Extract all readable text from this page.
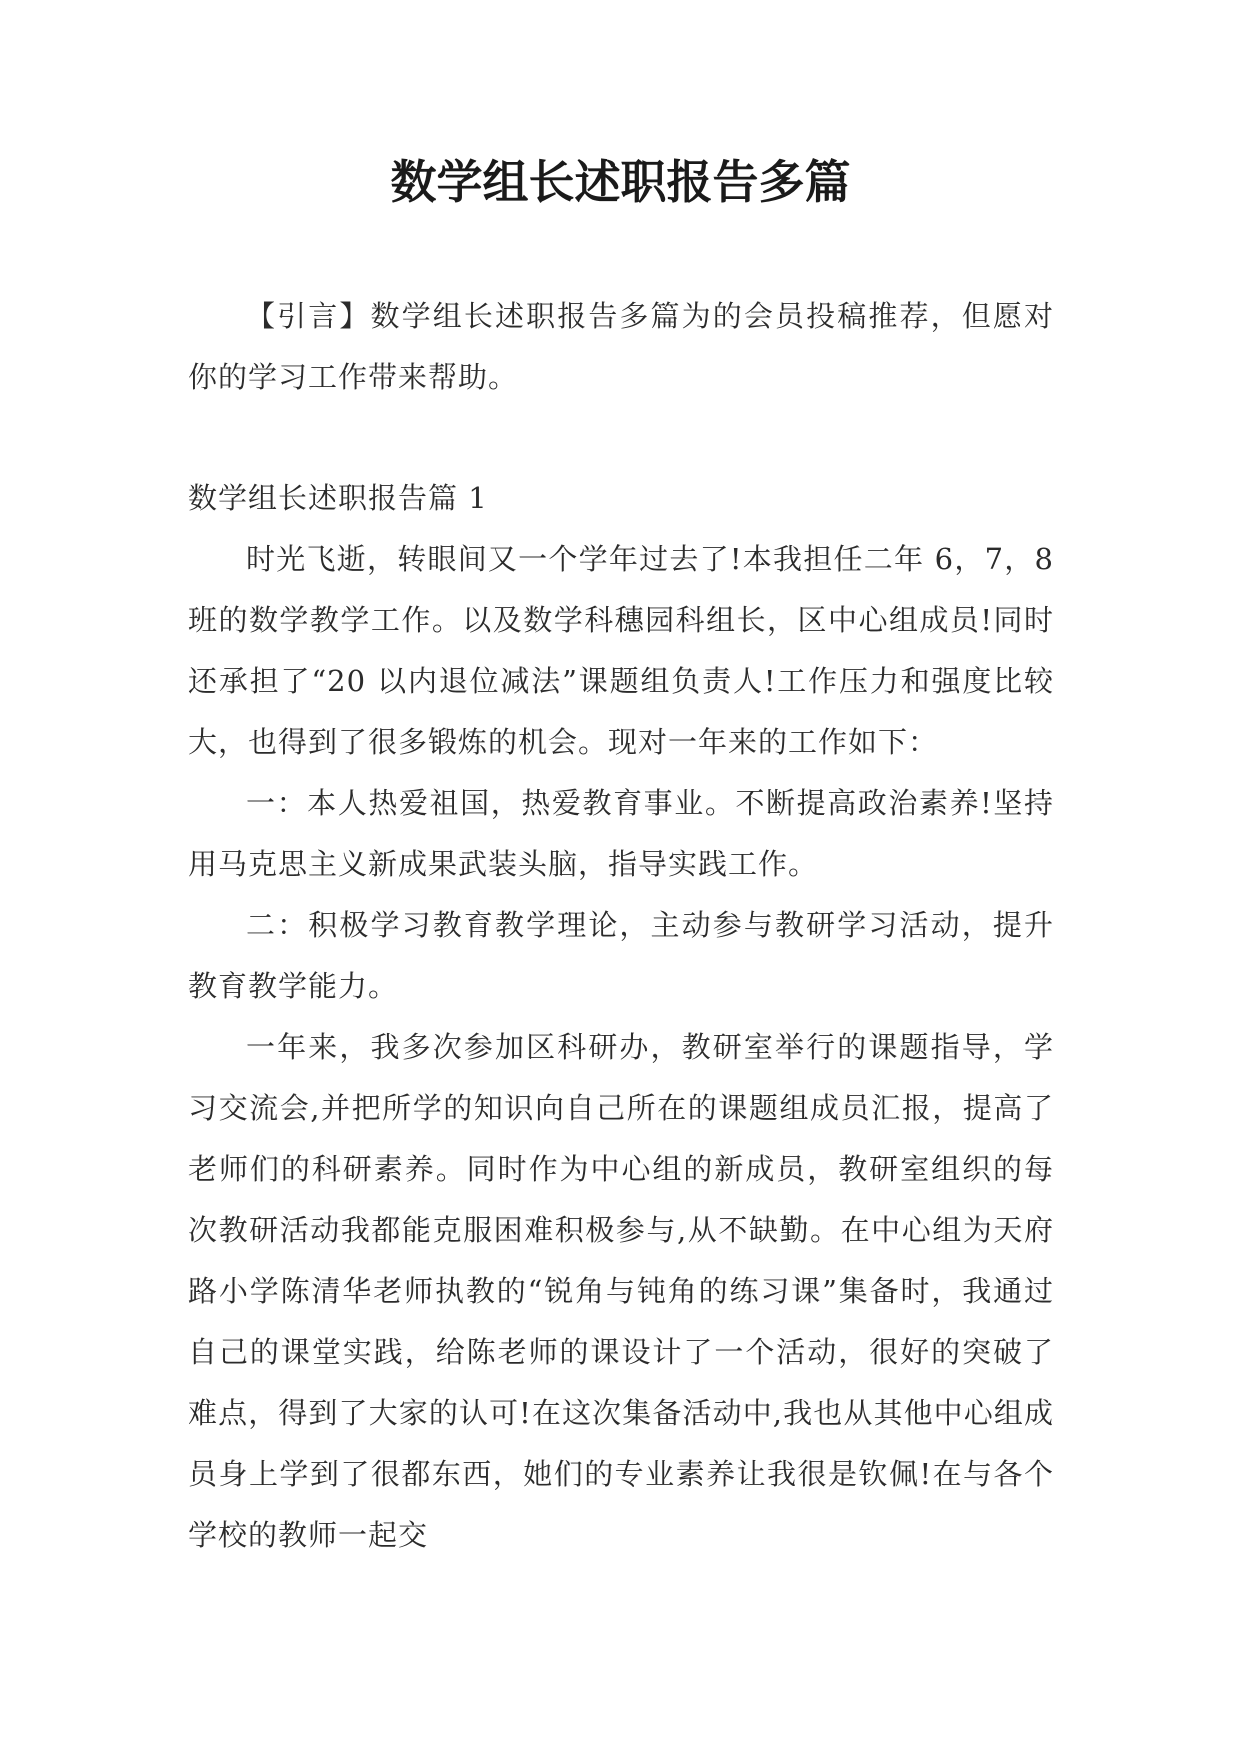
数学组长述职报告多篇

【引言】数学组长述职报告多篇为的会员投稿推荐，但愿对你的学习工作带来帮助。

数学组长述职报告篇 1

时光飞逝，转眼间又一个学年过去了!本我担任二年 6，7，8 班的数学教学工作。以及数学科穗园科组长，区中心组成员!同时还承担了“20 以内退位减法”课题组负责人!工作压力和强度比较大，也得到了很多锻炼的机会。现对一年来的工作如下：

一：本人热爱祖国，热爱教育事业。不断提高政治素养!坚持用马克思主义新成果武装头脑，指导实践工作。

二：积极学习教育教学理论，主动参与教研学习活动，提升教育教学能力。

一年来，我多次参加区科研办，教研室举行的课题指导，学习交流会,并把所学的知识向自己所在的课题组成员汇报，提高了老师们的科研素养。同时作为中心组的新成员，教研室组织的每次教研活动我都能克服困难积极参与,从不缺勤。在中心组为天府路小学陈清华老师执教的“锐角与钝角的练习课”集备时，我通过自己的课堂实践，给陈老师的课设计了一个活动，很好的突破了难点，得到了大家的认可!在这次集备活动中,我也从其他中心组成员身上学到了很都东西，她们的专业素养让我很是钦佩!在与各个学校的教师一起交
